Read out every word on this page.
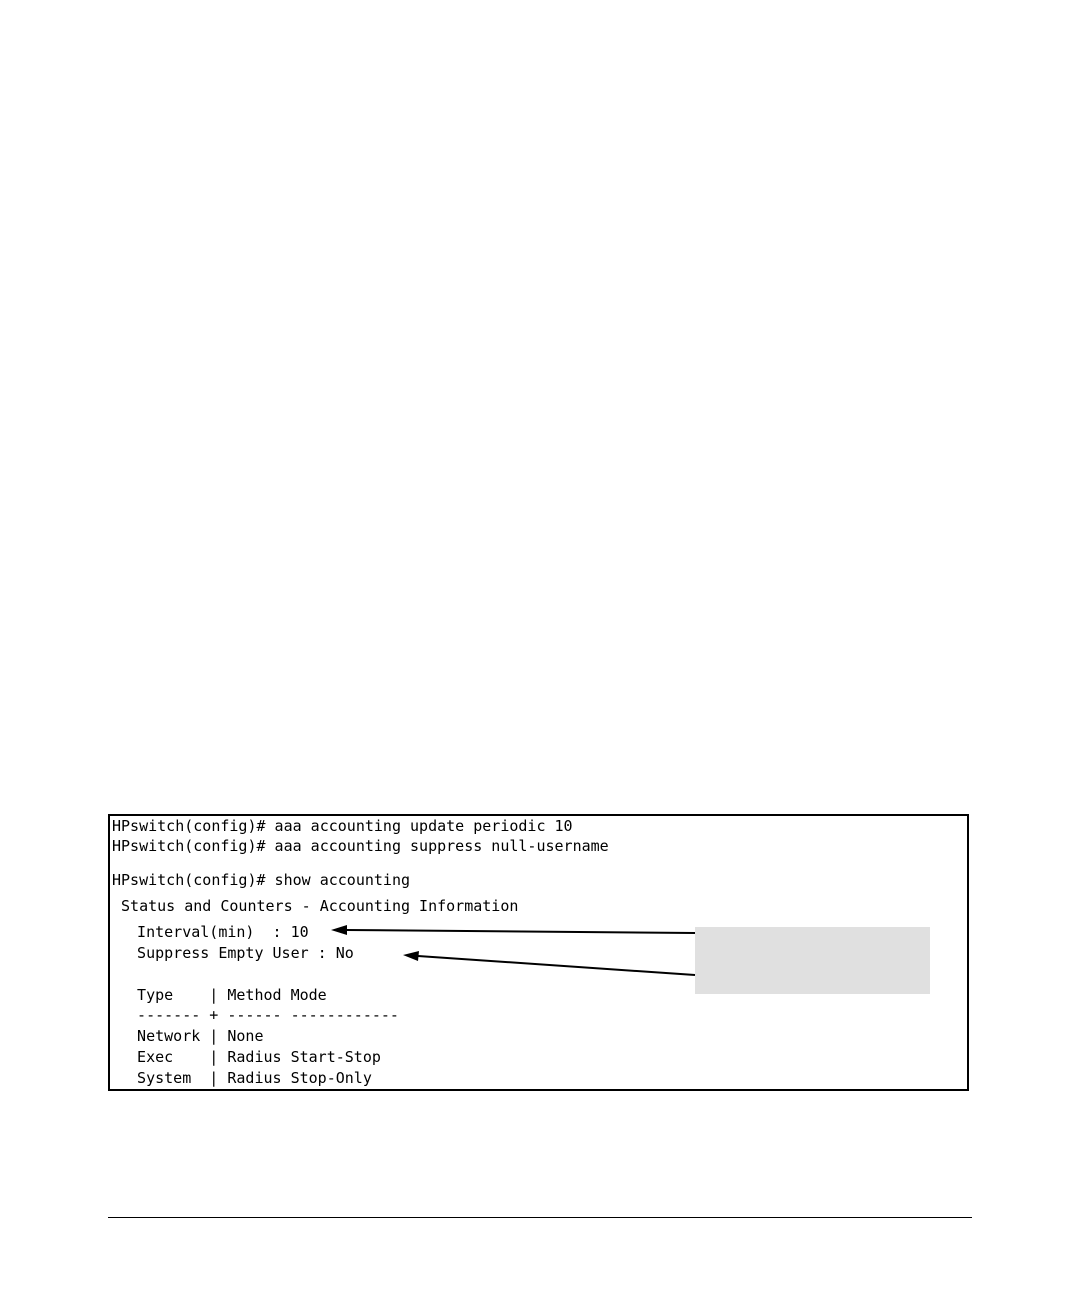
HPswitch(config)# aaa accounting update periodic 10
HPswitch(config)# aaa accounting suppress null-username
HPswitch(config)# show accounting
Status and Counters - Accounting Information
Interval(min)  : 10
Suppress Empty User : No
Type    | Method Mode
------- + ------ ------------
Network | None
Exec    | Radius Start-Stop
System  | Radius Stop-Only
